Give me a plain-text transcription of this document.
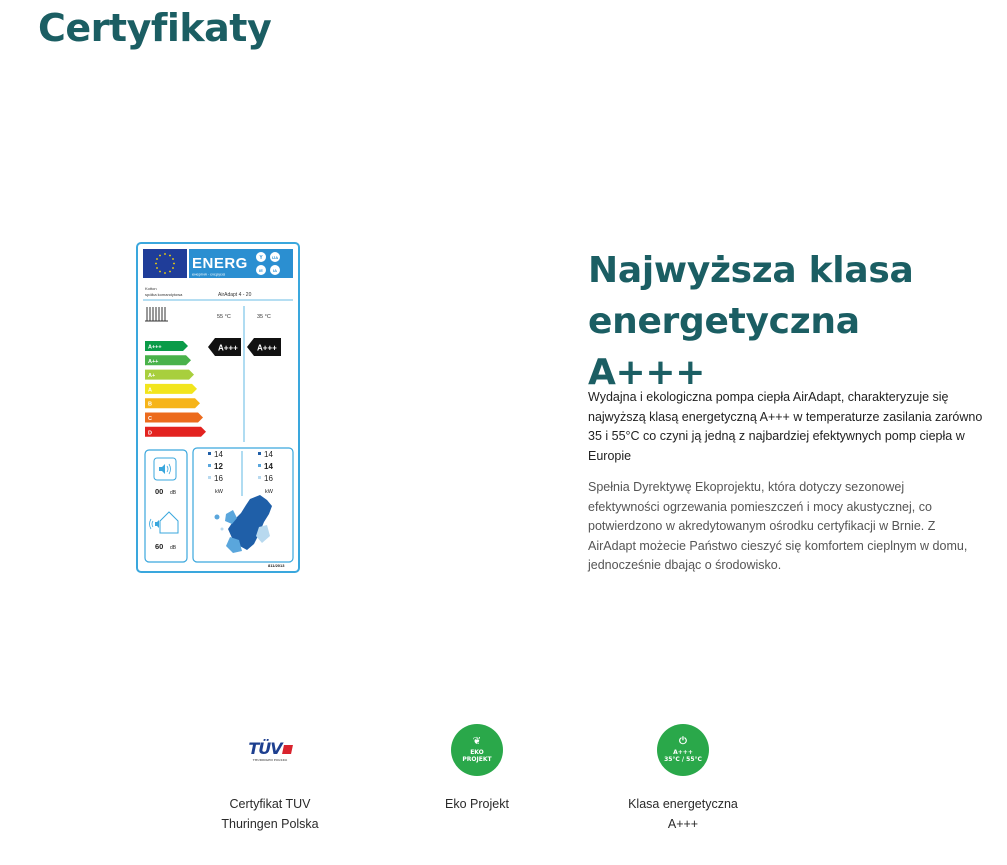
Certyfikaty
ENERG
енергия · ενεργεια
Y IJA
IE	IA
Kotton
spółka komandytowa	AirAdapt 4 - 20
55 °C	35 °C
A+++
A++
A+
A
B
C
D
A+++ A+++
00 dB
60 dB
14
12
16
kW
14
14
16
kW
811/2013
Najwyższa klasa energetyczna A+++

Wydajna i ekologiczna pompa ciepła AirAdapt, charakteryzuje się najwyższą klasą energetyczną A+++ w temperaturze zasilania zarówno 35 i 55°C co czyni ją jedną z najbardziej efektywnych pomp ciepła w Europie

Spełnia Dyrektywę Ekoprojektu, która dotyczy sezonowej efektywności ogrzewania pomieszczeń i mocy akustycznej, co potwierdzono w akredytowanym ośrodku certyfikacji w Brnie. Z AirAdapt możecie Państwo cieszyć się komfortem cieplnym w domu, jednocześnie dbając o środowisko.

TÜV
THURINGEN POLSKA
Certyfikat TUV
Thuringen Polska
❦
EKO
PROJEKT
Eko Projekt
⏻
A+++
35°C / 55°C
Klasa energetyczna
A+++
